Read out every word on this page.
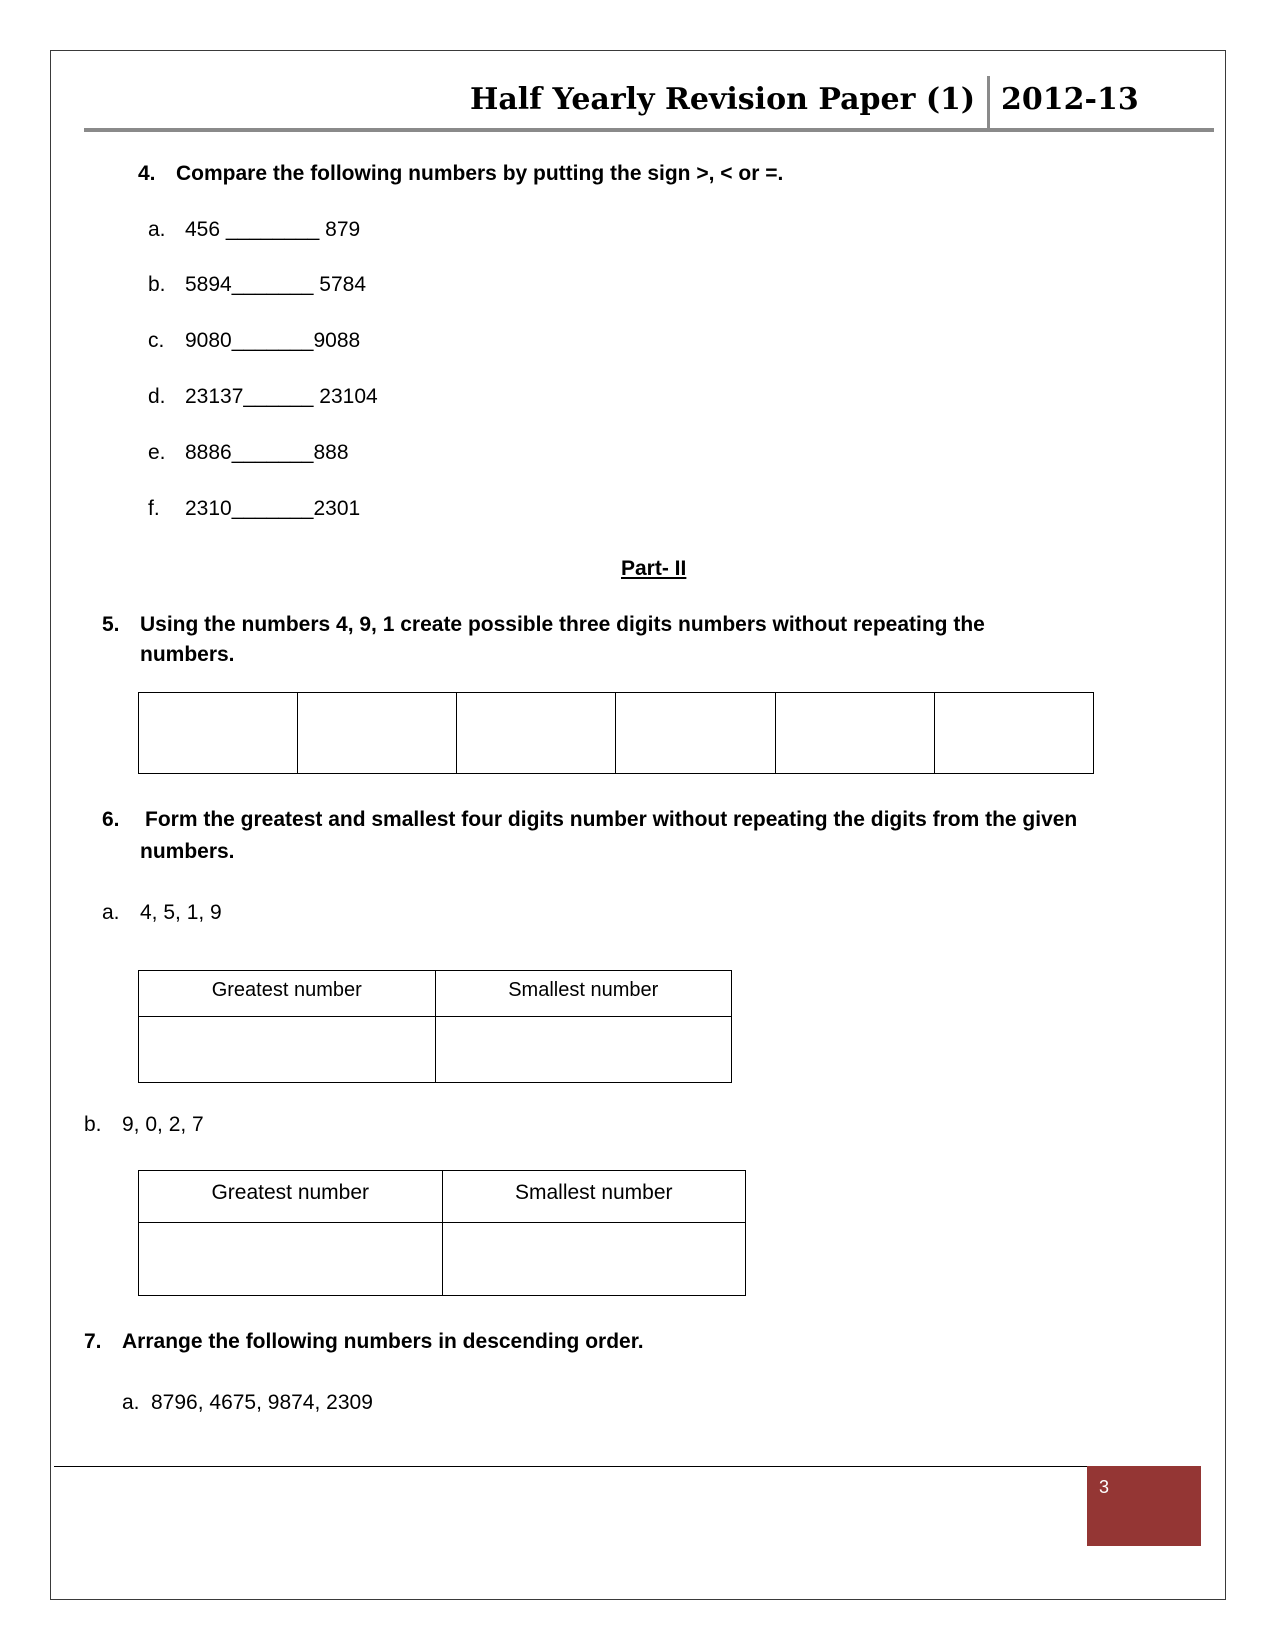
Half Yearly Revision Paper (1) 2012-13
4. Compare the following numbers by putting the sign >, < or =.
a. 456 ________ 879
b. 5894_______ 5784
c. 9080_______9088
d. 23137______ 23104
e. 8886_______888
f. 2310_______2301
Part- II
5. Using the numbers 4, 9, 1 create possible three digits numbers without repeating the
numbers.

6. Form the greatest and smallest four digits number without repeating the digits from the given
numbers.
a. 4, 5, 1, 9
Greatest number	Smallest number

b. 9, 0, 2, 7
Greatest number	Smallest number

7. Arrange the following numbers in descending order.
a. 8796, 4675, 9874, 2309
3
